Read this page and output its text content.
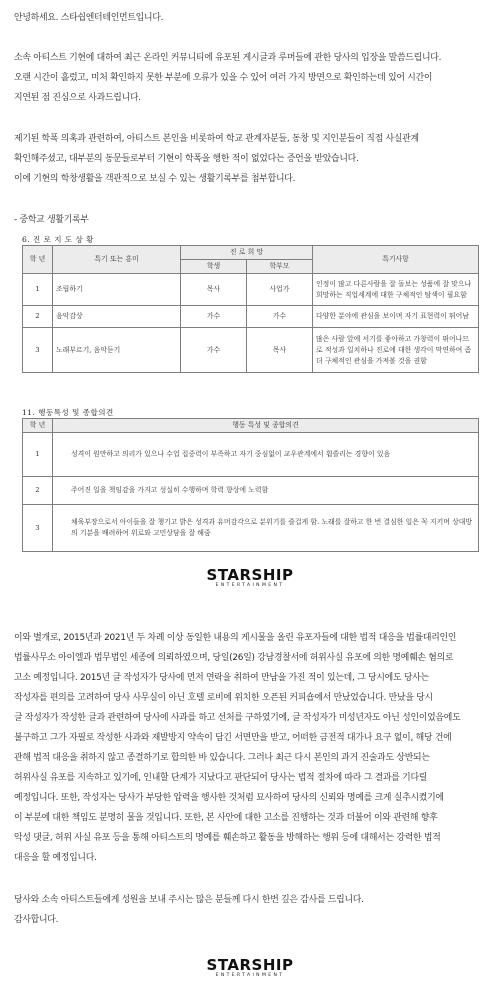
안녕하세요. 스타쉽엔터테인먼트입니다.
소속 아티스트 기현에 대하여 최근 온라인 커뮤니티에 유포된 게시글과 루머들에 관한 당사의 입장을 말씀드립니다.
오랜 시간이 흘렀고, 미처 확인하지 못한 부분에 오류가 있을 수 있어 여러 가지 방면으로 확인하는데 있어 시간이
지연된 점 진심으로 사과드립니다.
제기된 학폭 의혹과 관련하여, 아티스트 본인을 비롯하여 학교 관계자분들, 동창 및 지인분들이 직접 사실관계
확인해주셨고, 대부분의 동문들로부터 기현이 학폭을 행한 적이 없었다는 증언을 받았습니다.
이에 기현의 학창생활을 객관적으로 보실 수 있는 생활기록부를 첨부합니다.
- 중학교 생활기록부
6. 진 로 지 도 상 황
학 년	특기 또는 흥미	진 로 희 망		특기사항
		학생	학부모	
1	조립하기	목사	사업가	인정이 많고 다른사람을 잘 돌보는 성품에 잘 맞으나 희망하는 직업세계에 대한 구체적인 탐색이 필요함
2	음악감상	가수	가수	다양한 분야에 관심을 보이며 자기 표현력이 뛰어남
3	노래부르기, 음악듣기	가수	목사	많은 사람 앞에 서기를 좋아하고 가창력이 뛰어나므로 적성과 일치하나 진로에 대한 생각이 막연하여 좀더 구체적인 관심을 가져볼 것을 권함
11. 행동특성 및 종합의견
학 년	행동 특성 및 종합의견
1	성격이 원만하고 의리가 있으나 수업 집중력이 부족하고 자기 중심없이 교우관계에서 휩쓸리는 경향이 있음
2	주어진 일을 책임감을 가지고 성실히 수행하며 학력 향상에 노력함
3	체육부장으로서 아이들을 잘 챙기고 밝은 성격과 유머감각으로 분위기를 즐겁게 함. 노래를 잘하고 한 번 결심한 일은 꼭 지키며 상대방의 기분을 배려하여 위로와 고민상담을 잘 해줌
STARSHIP
ENTERTAINMENT
이와 별개로, 2015년과 2021년 두 차례 이상 동일한 내용의 게시물을 올린 유포자들에 대한 법적 대응을 법률대리인인
법률사무소 아이엘과 법무법인 세종에 의뢰하였으며, 당일(26일) 강남경찰서에 허위사실 유포에 의한 명예훼손 혐의로
고소 예정입니다. 2015년 글 작성자가 당사에 먼저 연락을 취하여 만남을 가진 적이 있는데, 그 당시에도 당사는
작성자를 편의를 고려하여 당사 사무실이 아닌 호텔 로비에 위치한 오픈된 커피숍에서 만났었습니다. 만났을 당시
글 작성자가 작성한 글과 관련하여 당사에 사과를 하고 선처를 구하였기에, 글 작성자가 미성년자도 아닌 성인이었음에도
불구하고 그가 자필로 작성한 사과와 재발방지 약속이 담긴 서면만을 받고, 어떠한 금전적 대가나 요구 없이, 해당 건에
관해 법적 대응을 취하지 않고 종결하기로 합의한 바 있습니다. 그러나 최근 다시 본인의 과거 진술과도 상반되는
허위사실 유포를 지속하고 있기에, 인내할 단계가 지났다고 판단되어 당사는 법적 절차에 따라 그 결과를 기다릴
예정입니다. 또한, 작성자는 당사가 부당한 압력을 행사한 것처럼 묘사하여 당사의 신뢰와 명예를 크게 실추시켰기에
이 부분에 대한 책임도 분명히 물을 것입니다. 또한, 본 사안에 대한 고소를 진행하는 것과 더불어 이와 관련해 향후
악성 댓글, 허위 사실 유포 등을 통해 아티스트의 명예를 훼손하고 활동을 방해하는 행위 등에 대해서는 강력한 법적
대응을 할 예정입니다.
당사와 소속 아티스트들에게 성원을 보내 주시는 많은 분들께 다시 한번 깊은 감사를 드립니다.
감사합니다.
STARSHIP
ENTERTAINMENT
